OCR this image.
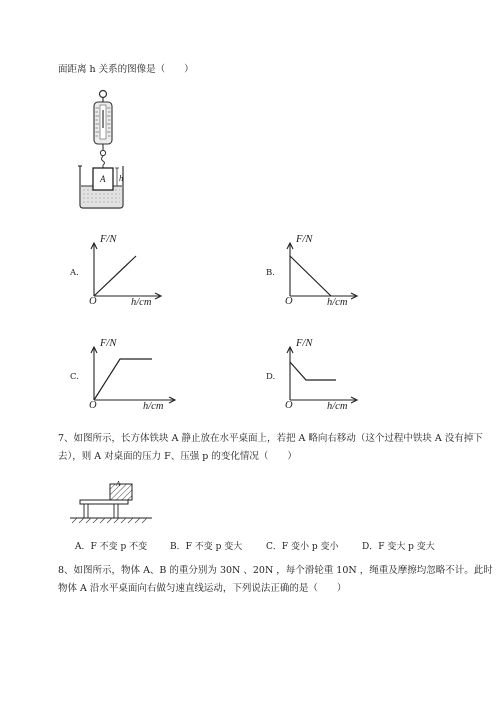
面距离 h 关系的图像是（　　）
A h
A.
F/N
O	h/cm
B.
F/N
O	h/cm
C.
F/N
O	h/cm
D.
F/N
O	h/cm
7、如图所示，长方体铁块 A 静止放在水平桌面上，若把 A 略向右移动（这个过程中铁块 A 没有掉下
去），则 A 对桌面的压力 F、压强 p 的变化情况（　　）
A
A．F 不变 p 不变	B．F 不变 p 变大	C．F 变小 p 变小	D．F 变大 p 变大
8、如图所示，物体 A、B 的重分别为 30N 、20N ，每个滑轮重 10N ，绳重及摩擦均忽略不计。此时
物体 A 沿水平桌面向右做匀速直线运动，下列说法正确的是（　　）
